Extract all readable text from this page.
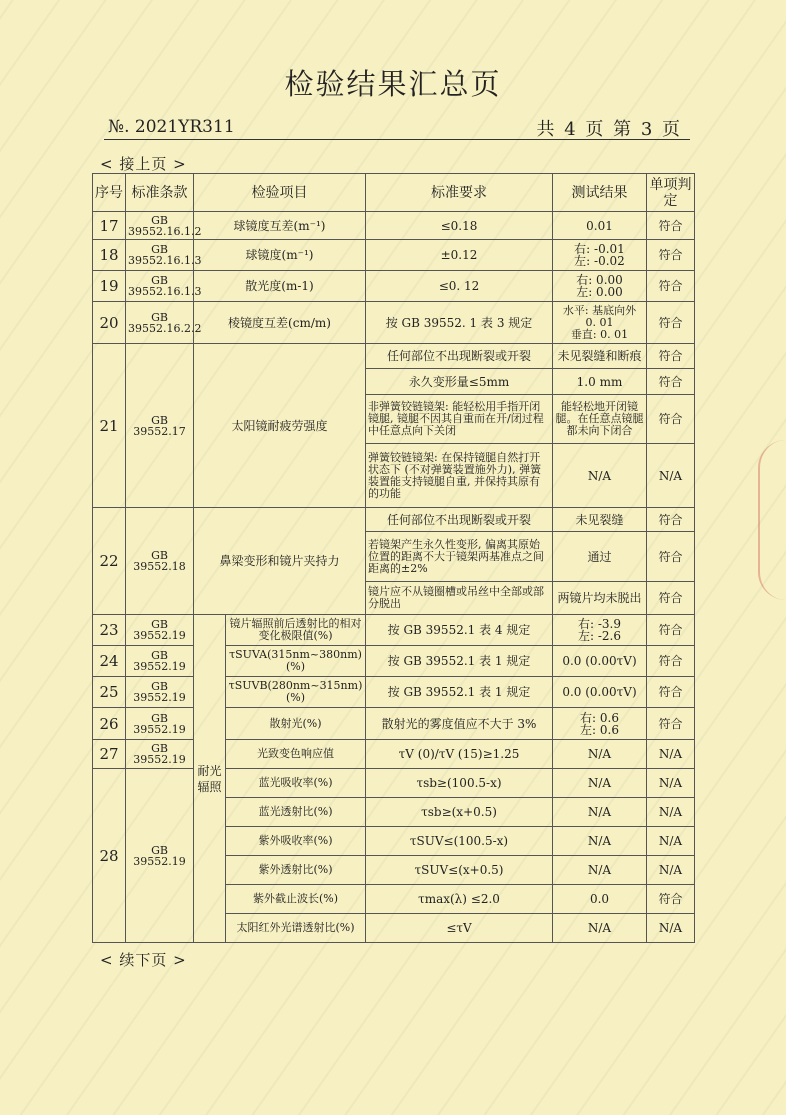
检验结果汇总页
№. 2021YR311	共 4 页 第 3 页
< 接上页 >
序号	标准条款	检验项目		标准要求	测试结果	单项判定
17	GB 39552.16.1.2	球镜度互差(m⁻¹)		≤0.18	0.01	符合
18	GB 39552.16.1.3	球镜度(m⁻¹)		±0.12	右: -0.01
左: -0.02	符合
19	GB 39552.16.1.3	散光度(m-1)		≤0. 12	右: 0.00
左: 0.00	符合
20	GB 39552.16.2.2	棱镜度互差(cm/m)		按 GB 39552. 1 表 3 规定	水平: 基底向外
0. 01
垂直: 0. 01	符合
21	GB 39552.17	太阳镜耐疲劳强度		任何部位不出现断裂或开裂	未见裂缝和断痕	符合
				永久变形量≤5mm	1.0 mm	符合
				非弹簧铰链镜架: 能轻松用手指开闭镜腿, 镜腿不因其自重而在开/闭过程中任意点向下关闭	能轻松地开闭镜腿。在任意点镜腿都未向下闭合	符合
				弹簧铰链镜架: 在保持镜腿自然打开状态下 (不对弹簧装置施外力), 弹簧装置能支持镜腿自重, 并保持其原有的功能	N/A	N/A
22	GB 39552.18	鼻梁变形和镜片夹持力		任何部位不出现断裂或开裂	未见裂缝	符合
				若镜架产生永久性变形, 偏离其原始位置的距离不大于镜架两基准点之间距离的±2%	通过	符合
				镜片应不从镜圈槽或吊丝中全部或部分脱出	两镜片均未脱出	符合
23	GB 39552.19	耐光辐照	镜片辐照前后透射比的相对变化极限值(%)	按 GB 39552.1 表 4 规定	右: -3.9
左: -2.6	符合
24	GB 39552.19		τSUVA(315nm~380nm)(%)	按 GB 39552.1 表 1 规定	0.0 (0.00τV)	符合
25	GB 39552.19		τSUVB(280nm~315nm)(%)	按 GB 39552.1 表 1 规定	0.0 (0.00τV)	符合
26	GB 39552.19		散射光(%)	散射光的雾度值应不大于 3%	右: 0.6
左: 0.6	符合
27	GB 39552.19		光致变色响应值	τV (0)/τV (15)≥1.25	N/A	N/A
28	GB 39552.19		蓝光吸收率(%)	τsb≥(100.5-x)	N/A	N/A
			蓝光透射比(%)	τsb≥(x+0.5)	N/A	N/A
			紫外吸收率(%)	τSUV≤(100.5-x)	N/A	N/A
			紫外透射比(%)	τSUV≤(x+0.5)	N/A	N/A
			紫外截止波长(%)	τmax(λ) ≤2.0	0.0	符合
			太阳红外光谱透射比(%)	≤τV	N/A	N/A
< 续下页 >
